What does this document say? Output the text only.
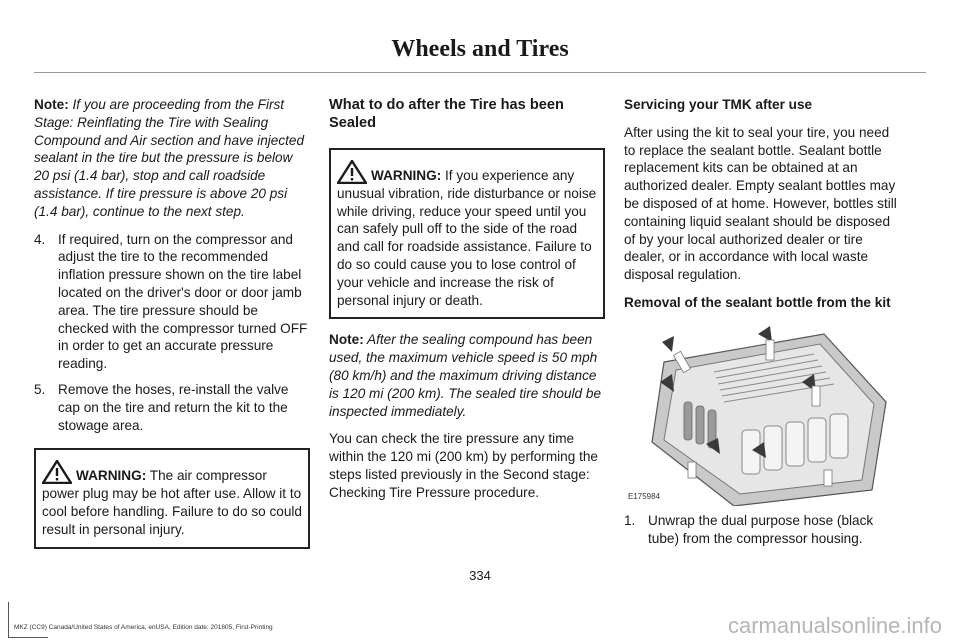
Wheels and Tires

Note: If you are proceeding from the First Stage: Reinflating the Tire with Sealing Compound and Air section and have injected sealant in the tire but the pressure is below 20 psi (1.4 bar), stop and call roadside assistance. If tire pressure is above 20 psi (1.4 bar), continue to the next step.

4. If required, turn on the compressor and adjust the tire to the recommended inflation pressure shown on the tire label located on the driver's door or door jamb area. The tire pressure should be checked with the compressor turned OFF in order to get an accurate pressure reading.
5. Remove the hoses, re-install the valve cap on the tire and return the kit to the stowage area.
WARNING: The air compressor power plug may be hot after use. Allow it to cool before handling. Failure to do so could result in personal injury.
What to do after the Tire has been Sealed
WARNING: If you experience any unusual vibration, ride disturbance or noise while driving, reduce your speed until you can safely pull off to the side of the road and call for roadside assistance. Failure to do so could cause you to lose control of your vehicle and increase the risk of personal injury or death.

Note: After the sealing compound has been used, the maximum vehicle speed is 50 mph (80 km/h) and the maximum driving distance is 120 mi (200 km). The sealed tire should be inspected immediately.

You can check the tire pressure any time within the 120 mi (200 km) by performing the steps listed previously in the Second stage: Checking Tire Pressure procedure.

Servicing your TMK after use

After using the kit to seal your tire, you need to replace the sealant bottle. Sealant bottle replacement kits can be obtained at an authorized dealer. Empty sealant bottles may be disposed of at home. However, bottles still containing liquid sealant should be disposed of by your local authorized dealer or tire dealer, or in accordance with local waste disposal regulation.

Removal of the sealant bottle from the kit
E175984
1. Unwrap the dual purpose hose (black tube) from the compressor housing.
334
MKZ (CC9) Canada/United States of America, enUSA, Edition date: 201805, First-Printing	carmanualsonline.info
